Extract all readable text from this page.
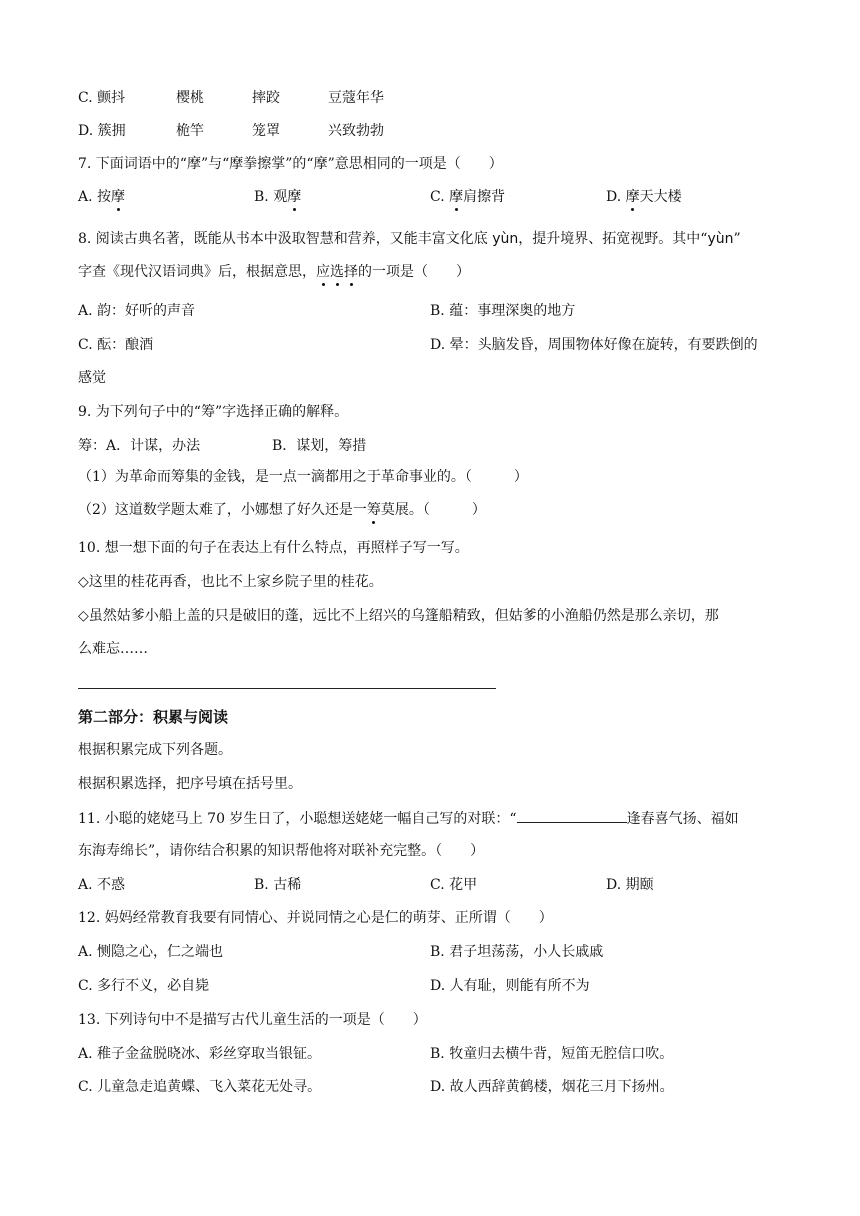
C. 颤抖	樱桃	摔跤	豆蔻年华
D. 簇拥	桅竿	笼罩	兴致勃勃
7. 下面词语中的“摩”与“摩拳擦掌”的“摩”意思相同的一项是（　　）
A. 按摩	B. 观摩	C. 摩肩擦背	D. 摩天大楼
8. 阅读古典名著，既能从书本中汲取智慧和营养，又能丰富文化底 yùn，提升境界、拓宽视野。其中“yùn”
字查《现代汉语词典》后，根据意思，应选择的一项是（　　）
A. 韵：好听的声音	B. 蕴：事理深奥的地方
C. 酝：酿酒	D. 晕：头脑发昏，周围物体好像在旋转，有要跌倒的
感觉
9. 为下列句子中的“筹”字选择正确的解释。
筹：A．计谋，办法	B．谋划，筹措
（1）为革命而筹集的金钱，是一点一滴都用之于革命事业的。（　　　）
（2）这道数学题太难了，小娜想了好久还是一筹莫展。（　　　）
10. 想一想下面的句子在表达上有什么特点，再照样子写一写。
◇这里的桂花再香，也比不上家乡院子里的桂花。
◇虽然姑爹小船上盖的只是破旧的蓬，远比不上绍兴的乌篷船精致，但姑爹的小渔船仍然是那么亲切，那
么难忘……
第二部分：积累与阅读
根据积累完成下列各题。
根据积累选择，把序号填在括号里。
11. 小聪的姥姥马上 70 岁生日了，小聪想送姥姥一幅自己写的对联：“	逢春喜气扬、福如
东海寿绵长”，请你结合积累的知识帮他将对联补充完整。（　　）
A. 不惑	B. 古稀	C. 花甲	D. 期颐
12. 妈妈经常教育我要有同情心、并说同情之心是仁的萌芽、正所谓（　　）
A. 恻隐之心，仁之端也	B. 君子坦荡荡，小人长戚戚
C. 多行不义，必自毙	D. 人有耻，则能有所不为
13. 下列诗句中不是描写古代儿童生活的一项是（　　）
A. 稚子金盆脱晓冰、彩丝穿取当银钲。	B. 牧童归去横牛背，短笛无腔信口吹。
C. 儿童急走追黄蝶、飞入菜花无处寻。	D. 故人西辞黄鹤楼，烟花三月下扬州。
